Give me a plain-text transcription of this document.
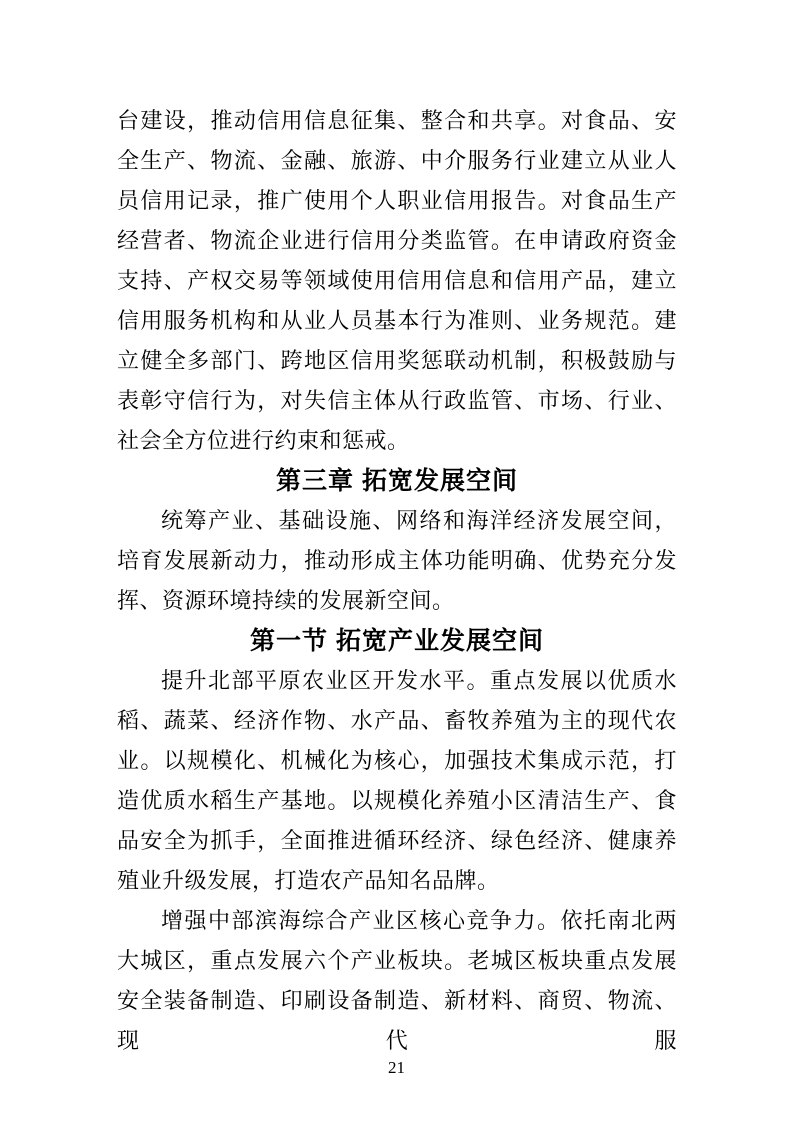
台建设，推动信用信息征集、整合和共享。对食品、安全生产、物流、金融、旅游、中介服务行业建立从业人员信用记录，推广使用个人职业信用报告。对食品生产经营者、物流企业进行信用分类监管。在申请政府资金支持、产权交易等领域使用信用信息和信用产品，建立信用服务机构和从业人员基本行为准则、业务规范。建立健全多部门、跨地区信用奖惩联动机制，积极鼓励与表彰守信行为，对失信主体从行政监管、市场、行业、社会全方位进行约束和惩戒。

第三章 拓宽发展空间

统筹产业、基础设施、网络和海洋经济发展空间，培育发展新动力，推动形成主体功能明确、优势充分发挥、资源环境持续的发展新空间。

第一节 拓宽产业发展空间

提升北部平原农业区开发水平。重点发展以优质水稻、蔬菜、经济作物、水产品、畜牧养殖为主的现代农业。以规模化、机械化为核心，加强技术集成示范，打造优质水稻生产基地。以规模化养殖小区清洁生产、食品安全为抓手，全面推进循环经济、绿色经济、健康养殖业升级发展，打造农产品知名品牌。

增强中部滨海综合产业区核心竞争力。依托南北两大城区，重点发展六个产业板块。老城区板块重点发展安全装备制造、印刷设备制造、新材料、商贸、物流、现代服

21
